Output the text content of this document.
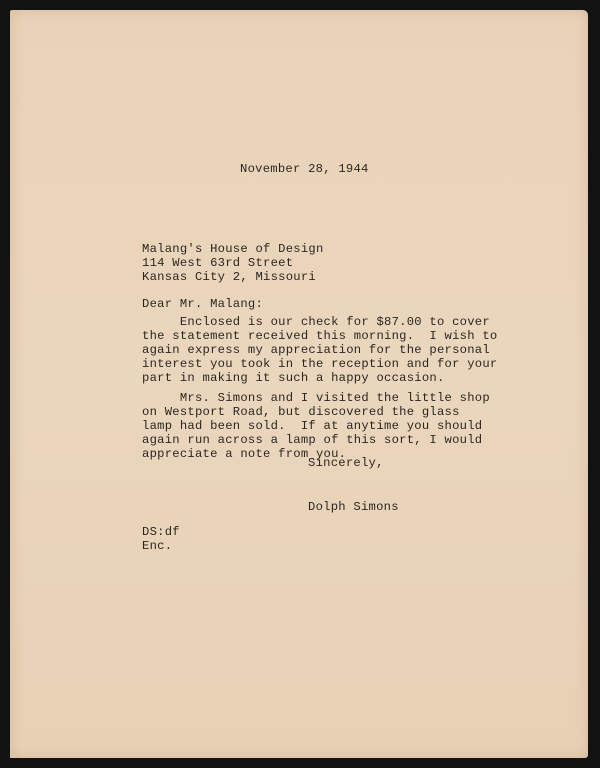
November 28, 1944
Malang's House of Design
114 West 63rd Street
Kansas City 2, Missouri
Dear Mr. Malang:
Enclosed is our check for $87.00 to cover
the statement received this morning.  I wish to
again express my appreciation for the personal
interest you took in the reception and for your
part in making it such a happy occasion.
Mrs. Simons and I visited the little shop
on Westport Road, but discovered the glass
lamp had been sold.  If at anytime you should
again run across a lamp of this sort, I would
appreciate a note from you.
Sincerely,
Dolph Simons
DS:df
Enc.
